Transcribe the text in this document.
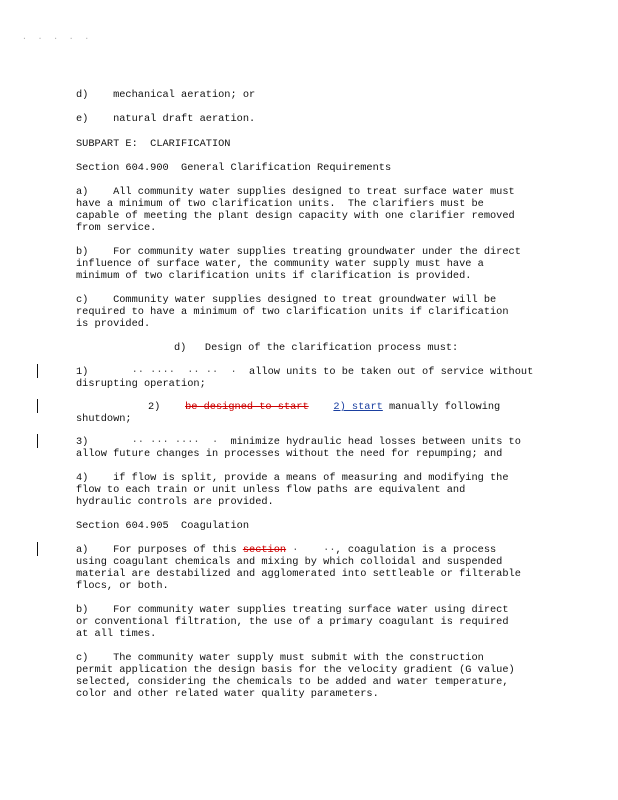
. . . . .
d)    mechanical aeration; or
e)    natural draft aeration.
SUBPART E:  CLARIFICATION
Section 604.900  General Clarification Requirements
a)    All community water supplies designed to treat surface water must
have a minimum of two clarification units.  The clarifiers must be
capable of meeting the plant design capacity with one clarifier removed
from service.
b)    For community water supplies treating groundwater under the direct
influence of surface water, the community water supply must have a
minimum of two clarification units if clarification is provided.
c)    Community water supplies designed to treat groundwater will be
required to have a minimum of two clarification units if clarification
is provided.
d)   Design of the clarification process must:
1)       ·· ····  ·· ··  ·  allow units to be taken out of service without
disrupting operation;
2) be designed to start 2) start manually following
shutdown;
3)       ·· ··· ····  ·  minimize hydraulic head losses between units to
allow future changes in processes without the need for repumping; and
4)    if flow is split, provide a means of measuring and modifying the
flow to each train or unit unless flow paths are equivalent and
hydraulic controls are provided.
Section 604.905  Coagulation
a)    For purposes of this section ·    ··, coagulation is a process
using coagulant chemicals and mixing by which colloidal and suspended
material are destabilized and agglomerated into settleable or filterable
flocs, or both.
b)    For community water supplies treating surface water using direct
or conventional filtration, the use of a primary coagulant is required
at all times.
c)    The community water supply must submit with the construction
permit application the design basis for the velocity gradient (G value)
selected, considering the chemicals to be added and water temperature,
color and other related water quality parameters.
